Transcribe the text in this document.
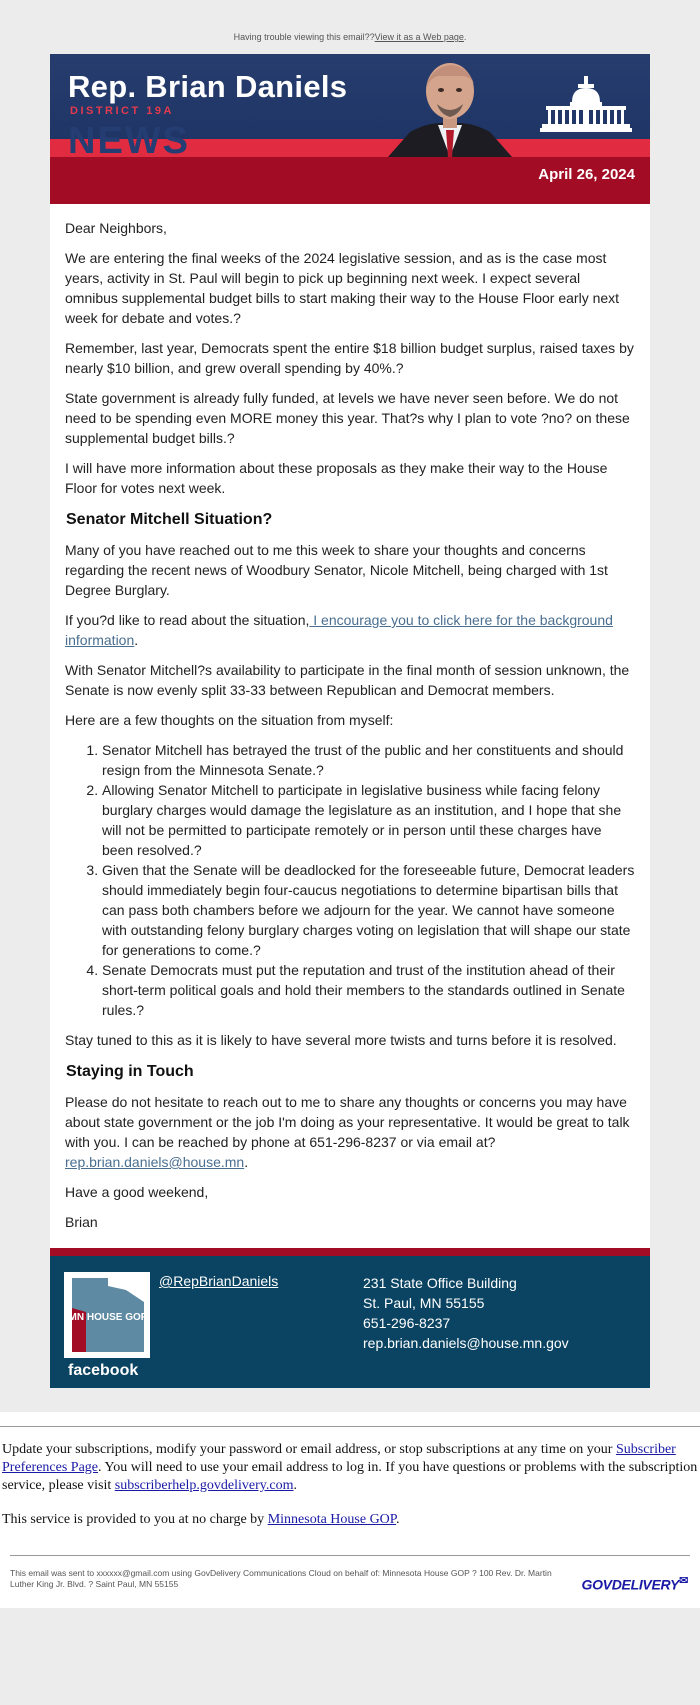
Having trouble viewing this email??View it as a Web page.
Rep. Brian Daniels
DISTRICT 19A
NEWS
April 26, 2024

Dear Neighbors,

We are entering the final weeks of the 2024 legislative session, and as is the case most years, activity in St. Paul will begin to pick up beginning next week. I expect several omnibus supplemental budget bills to start making their way to the House Floor early next week for debate and votes.?

Remember, last year, Democrats spent the entire $18 billion budget surplus, raised taxes by nearly $10 billion, and grew overall spending by 40%.?

State government is already fully funded, at levels we have never seen before. We do not need to be spending even MORE money this year. That?s why I plan to vote ?no? on these supplemental budget bills.?

I will have more information about these proposals as they make their way to the House Floor for votes next week.

Senator Mitchell Situation?

Many of you have reached out to me this week to share your thoughts and concerns regarding the recent news of Woodbury Senator, Nicole Mitchell, being charged with 1st Degree Burglary.

If you?d like to read about the situation, I encourage you to click here for the background information.

With Senator Mitchell?s availability to participate in the final month of session unknown, the Senate is now evenly split 33-33 between Republican and Democrat members.

Here are a few thoughts on the situation from myself:

1. Senator Mitchell has betrayed the trust of the public and her constituents and should resign from the Minnesota Senate.?
2. Allowing Senator Mitchell to participate in legislative business while facing felony burglary charges would damage the legislature as an institution, and I hope that she will not be permitted to participate remotely or in person until these charges have been resolved.?
3. Given that the Senate will be deadlocked for the foreseeable future, Democrat leaders should immediately begin four-caucus negotiations to determine bipartisan bills that can pass both chambers before we adjourn for the year. We cannot have someone with outstanding felony burglary charges voting on legislation that will shape our state for generations to come.?
4. Senate Democrats must put the reputation and trust of the institution ahead of their short-term political goals and hold their members to the standards outlined in Senate rules.?

Stay tuned to this as it is likely to have several more twists and turns before it is resolved.

Staying in Touch

Please do not hesitate to reach out to me to share any thoughts or concerns you may have about state government or the job I'm doing as your representative. It would be great to talk with you. I can be reached by phone at 651-296-8237 or via email at?
rep.brian.daniels@house.mn.

Have a good weekend,

Brian

MN HOUSE GOP
facebook
@RepBrianDaniels	231 State Office Building
St. Paul, MN 55155
651-296-8237
rep.brian.daniels@house.mn.gov

Update your subscriptions, modify your password or email address, or stop subscriptions at any time on your Subscriber Preferences Page. You will need to use your email address to log in. If you have questions or problems with the subscription service, please visit subscriberhelp.govdelivery.com.

This service is provided to you at no charge by Minnesota House GOP.

This email was sent to xxxxxx@gmail.com using GovDelivery Communications Cloud on behalf of: Minnesota House GOP ? 100 Rev. Dr. Martin Luther King Jr. Blvd. ? Saint Paul, MN 55155	GOVDELIVERY✉
